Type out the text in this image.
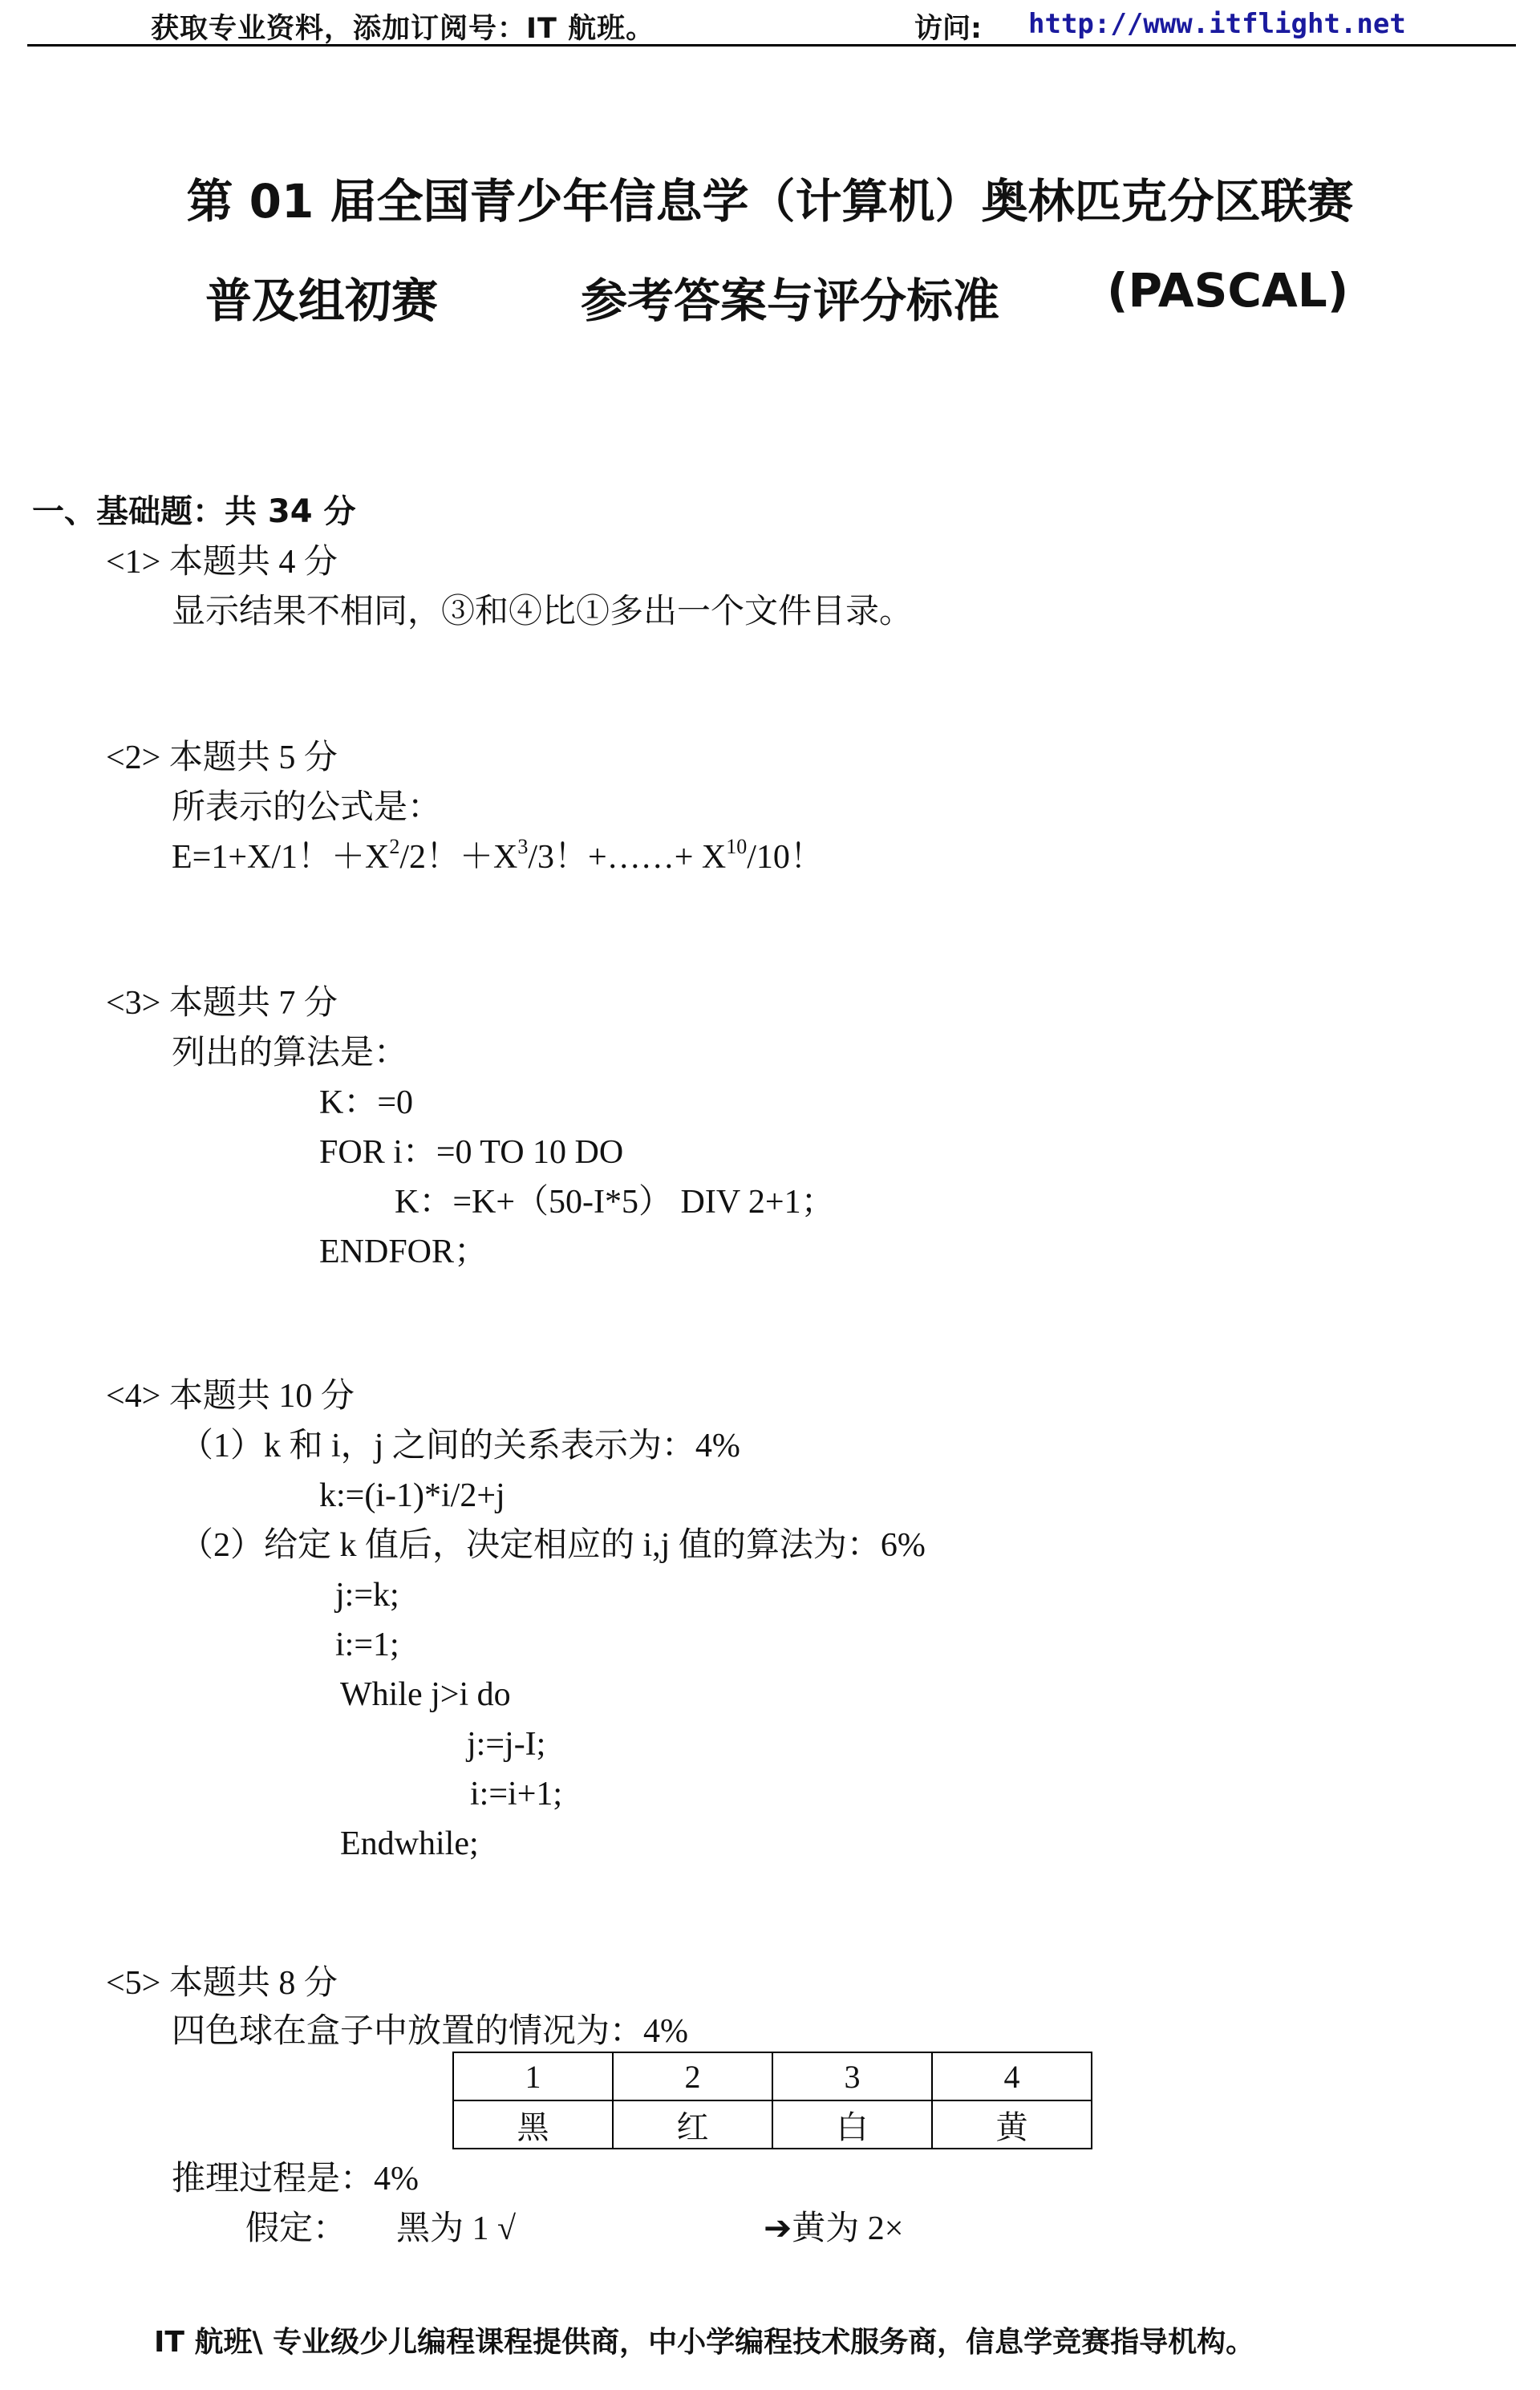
获取专业资料，添加订阅号：IT 航班。	访问: http://www.itflight.net
第 01 届全国青少年信息学（计算机）奥林匹克分区联赛
普及组初赛	参考答案与评分标准 (PASCAL)
一、基础题：共 34 分
<1> 本题共 4 分
显示结果不相同，③和④比①多出一个文件目录。
<2> 本题共 5 分
所表示的公式是：
E=1+X/1！$+X^2/2$！$+X^3/3$！+……+ $X^{10}/10$！
<3> 本题共 7 分
列出的算法是：
K：=0
FOR i：=0 TO 10 DO
K：=K+（50-I*5） DIV 2+1；
ENDFOR；
<4> 本题共 10 分
（1）k 和 i，j 之间的关系表示为：4%
k:=(i-1)*i/2+j
（2）给定 k 值后，决定相应的 i,j 值的算法为：6%
j:=k;
i:=1;
While j>i do
j:=j-I;
i:=i+1;
Endwhile;
<5> 本题共 8 分
四色球在盒子中放置的情况为：4%
1	2	3	4
黑	红	白	黄
推理过程是：4%
假定： 黑为 1 √	➔黄为 2×
IT 航班\ 专业级少儿编程课程提供商，中小学编程技术服务商，信息学竞赛指导机构。
